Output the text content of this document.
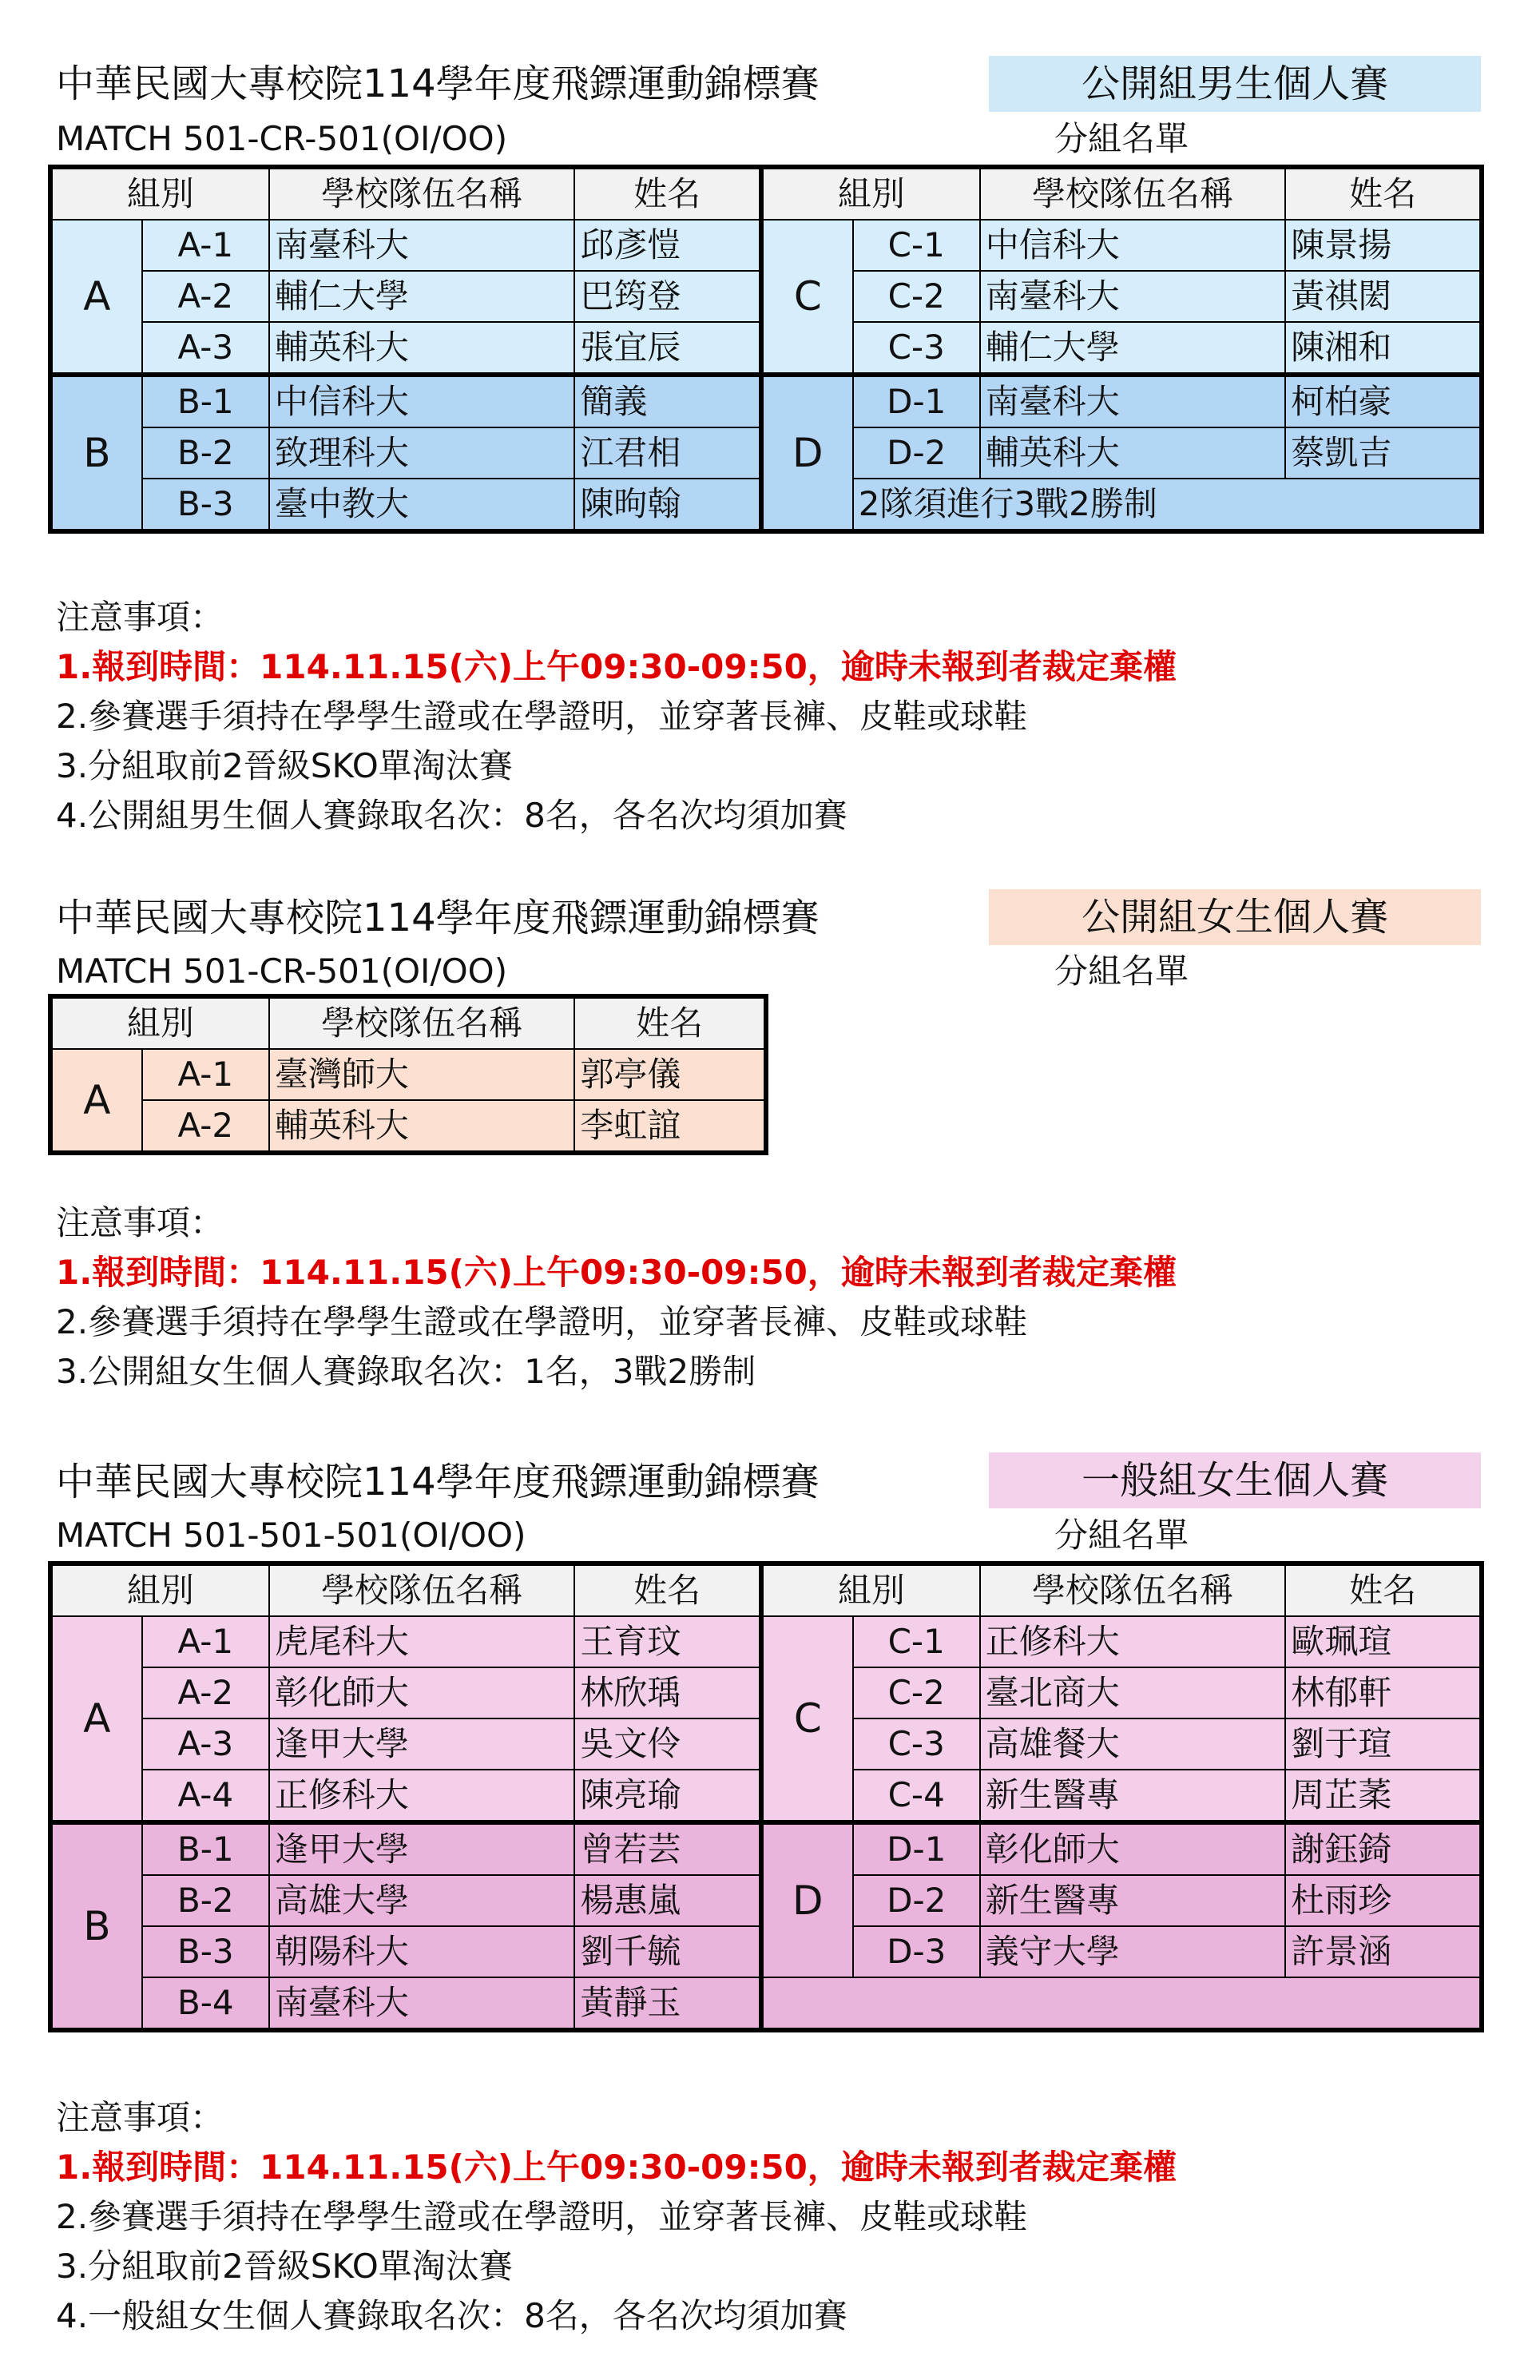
中華民國大專校院114學年度飛鏢運動錦標賽	公開組男生個人賽
MATCH 501-CR-501(OI/OO)	分組名單
組別		學校隊伍名稱	姓名	組別		學校隊伍名稱	姓名
A	A-1	南臺科大	邱彥愷	C	C-1	中信科大	陳景揚
	A-2	輔仁大學	巴筠登		C-2	南臺科大	黃祺閎
	A-3	輔英科大	張宜辰		C-3	輔仁大學	陳湘和
B	B-1	中信科大	簡義	D	D-1	南臺科大	柯柏豪
	B-2	致理科大	江君相		D-2	輔英科大	蔡凱吉
	B-3	臺中教大	陳昫翰		2隊須進行3戰2勝制		
注意事項：
1.報到時間：114.11.15(六)上午09:30-09:50，逾時未報到者裁定棄權
2.參賽選手須持在學學生證或在學證明，並穿著長褲、皮鞋或球鞋
3.分組取前2晉級SKO單淘汰賽
4.公開組男生個人賽錄取名次：8名，各名次均須加賽
中華民國大專校院114學年度飛鏢運動錦標賽	公開組女生個人賽
MATCH 501-CR-501(OI/OO)	分組名單
組別		學校隊伍名稱	姓名
A	A-1	臺灣師大	郭亭儀
	A-2	輔英科大	李虹誼
注意事項：
1.報到時間：114.11.15(六)上午09:30-09:50，逾時未報到者裁定棄權
2.參賽選手須持在學學生證或在學證明，並穿著長褲、皮鞋或球鞋
3.公開組女生個人賽錄取名次：1名，3戰2勝制
中華民國大專校院114學年度飛鏢運動錦標賽	一般組女生個人賽
MATCH 501-501-501(OI/OO)	分組名單
組別		學校隊伍名稱	姓名	組別		學校隊伍名稱	姓名
A	A-1	虎尾科大	王育玟	C	C-1	正修科大	歐珮瑄
	A-2	彰化師大	林欣瑀		C-2	臺北商大	林郁軒
	A-3	逢甲大學	吳文伶		C-3	高雄餐大	劉于瑄
	A-4	正修科大	陳亮瑜		C-4	新生醫專	周芷葇
B	B-1	逢甲大學	曾若芸	D	D-1	彰化師大	謝鈺錡
	B-2	高雄大學	楊惠嵐		D-2	新生醫專	杜雨珍
	B-3	朝陽科大	劉千毓		D-3	義守大學	許景涵
	B-4	南臺科大	黃靜玉				
注意事項：
1.報到時間：114.11.15(六)上午09:30-09:50，逾時未報到者裁定棄權
2.參賽選手須持在學學生證或在學證明，並穿著長褲、皮鞋或球鞋
3.分組取前2晉級SKO單淘汰賽
4.一般組女生個人賽錄取名次：8名，各名次均須加賽
